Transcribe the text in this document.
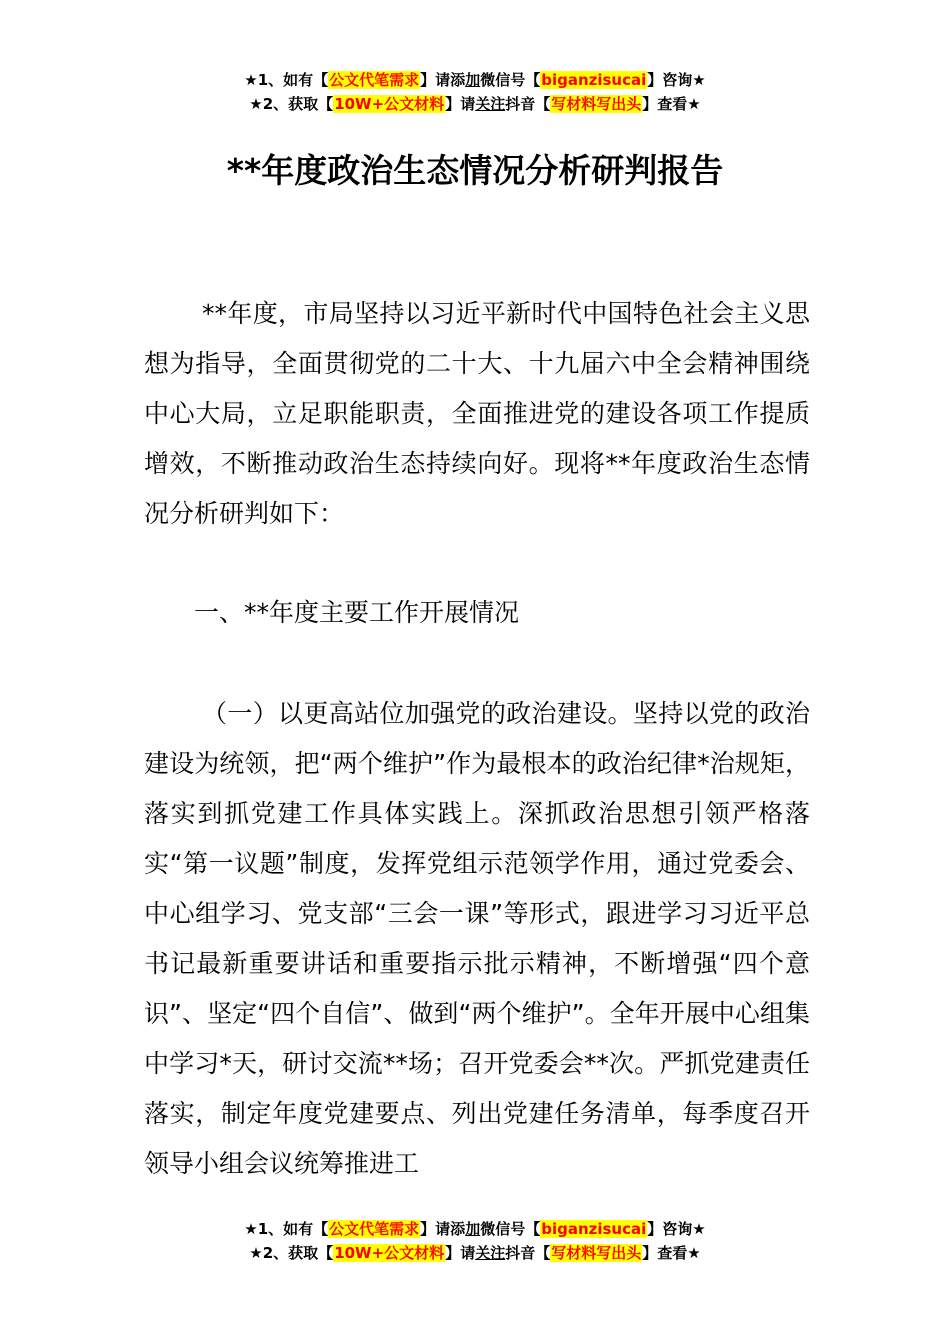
★1、如有【公文代笔需求】请添加微信号【biganzisucai】咨询★
★2、获取【10W+公文材料】请关注抖音【写材料写出头】查看★
**年度政治生态情况分析研判报告

**年度，市局坚持以习近平新时代中国特色社会主义思想为指导，全面贯彻党的二十大、十九届六中全会精神围绕中心大局，立足职能职责，全面推进党的建设各项工作提质增效，不断推动政治生态持续向好。现将**年度政治生态情况分析研判如下：

一、**年度主要工作开展情况

（一）以更高站位加强党的政治建设。坚持以党的政治建设为统领，把“两个维护”作为最根本的政治纪律*治规矩，落实到抓党建工作具体实践上。深抓政治思想引领严格落实“第一议题”制度，发挥党组示范领学作用，通过党委会、中心组学习、党支部“三会一课”等形式，跟进学习习近平总书记最新重要讲话和重要指示批示精神，不断增强“四个意识”、坚定“四个自信”、做到“两个维护”。全年开展中心组集中学习*天，研讨交流**场；召开党委会**次。严抓党建责任落实，制定年度党建要点、列出党建任务清单，每季度召开领导小组会议统筹推进工

★1、如有【公文代笔需求】请添加微信号【biganzisucai】咨询★
★2、获取【10W+公文材料】请关注抖音【写材料写出头】查看★
